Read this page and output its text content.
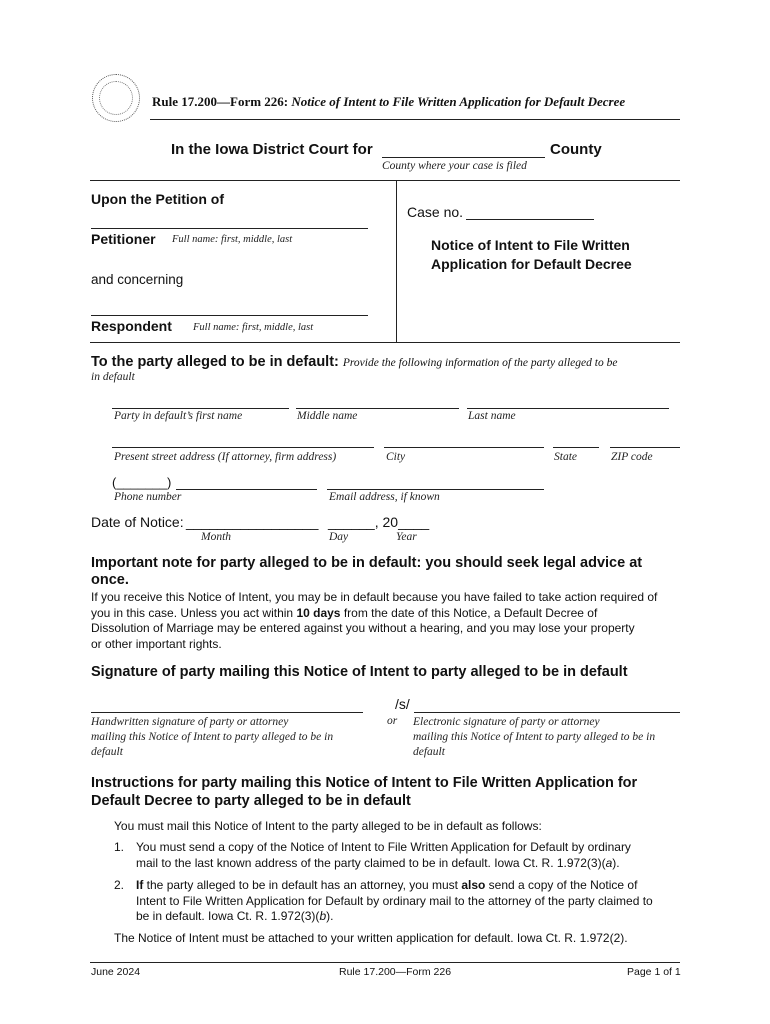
Rule 17.200—Form 226: Notice of Intent to File Written Application for Default Decree
In the Iowa District Court for	County
County where your case is filed
Upon the Petition of
Petitioner Full name: first, middle, last
and concerning
Respondent Full name: first, middle, last
Case no.
Notice of Intent to File Written
Application for Default Decree
To the party alleged to be in default: Provide the following information of the party alleged to be
in default
Party in default’s first name	Middle name	Last name
Present street address (If attorney, firm address)	City	State	ZIP code
(_______)
Phone number	Email address, if known
Date of Notice: _________________ ______, 20____
Month	Day	Year
Important note for party alleged to be in default: you should seek legal advice at
once.
If you receive this Notice of Intent, you may be in default because you have failed to take action required of
you in this case. Unless you act within 10 days from the date of this Notice, a Default Decree of
Dissolution of Marriage may be entered against you without a hearing, and you may lose your property
or other important rights.
Signature of party mailing this Notice of Intent to party alleged to be in default
/s/
Handwritten signature of party or attorney
mailing this Notice of Intent to party alleged to be in
default
or Electronic signature of party or attorney
mailing this Notice of Intent to party alleged to be in
default
Instructions for party mailing this Notice of Intent to File Written Application for
Default Decree to party alleged to be in default
You must mail this Notice of Intent to the party alleged to be in default as follows:
1. You must send a copy of the Notice of Intent to File Written Application for Default by ordinary
mail to the last known address of the party claimed to be in default. Iowa Ct. R. 1.972(3)(a).
2. If the party alleged to be in default has an attorney, you must also send a copy of the Notice of
Intent to File Written Application for Default by ordinary mail to the attorney of the party claimed to
be in default. Iowa Ct. R. 1.972(3)(b).
The Notice of Intent must be attached to your written application for default. Iowa Ct. R. 1.972(2).
June 2024	Rule 17.200—Form 226	Page 1 of 1
